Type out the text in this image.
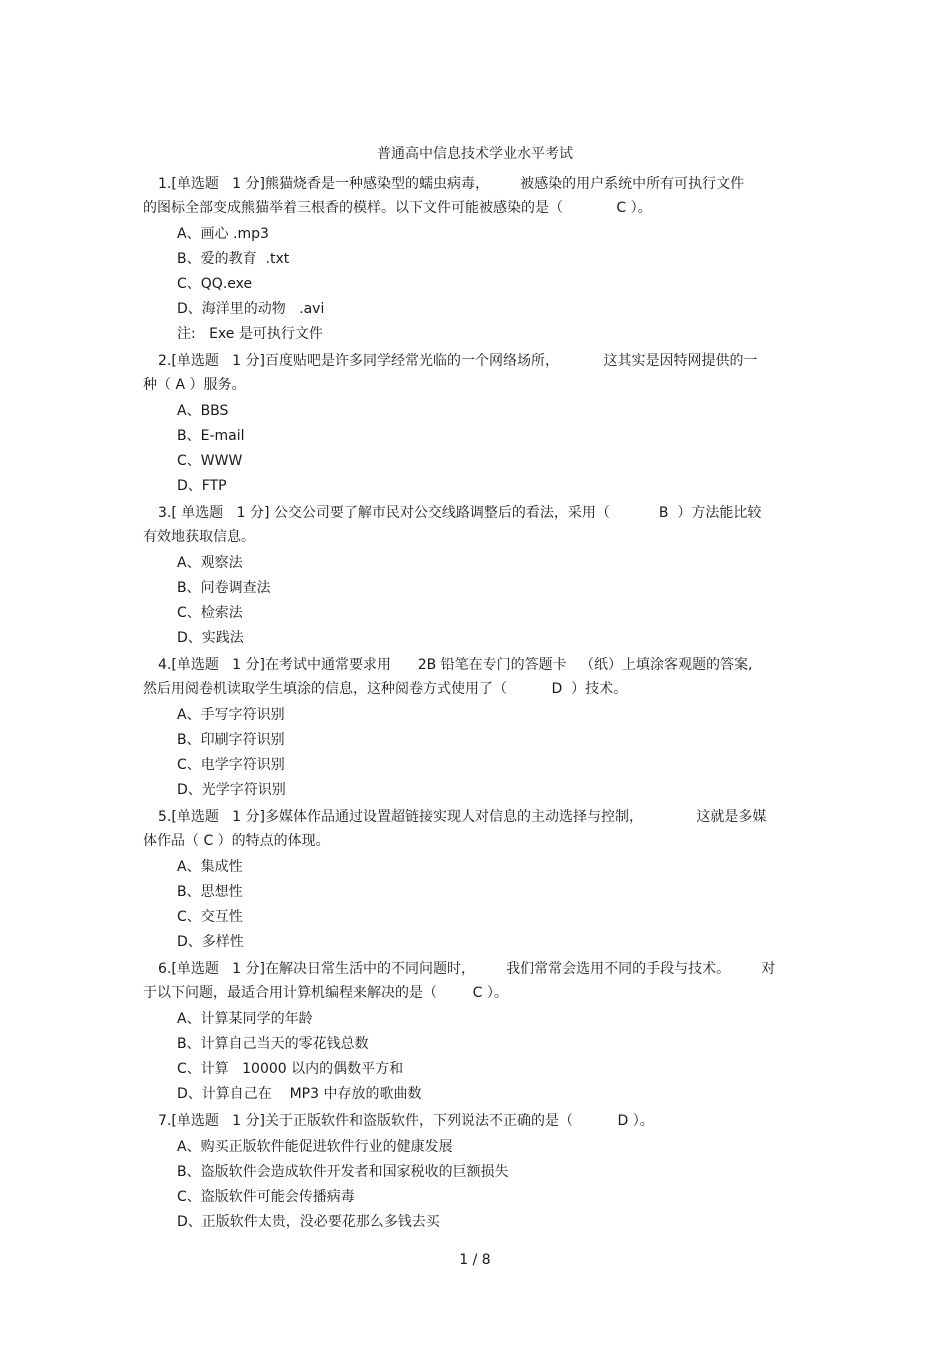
普通高中信息技术学业水平考试
1.[单选题   1 分]熊猫烧香是一种感染型的蠕虫病毒，       被感染的用户系统中所有可执行文件
的图标全部变成熊猫举着三根香的模样。以下文件可能被感染的是（            C ）。
A、画心 .mp3
B、爱的教育  .txt
C、QQ.exe
D、海洋里的动物   .avi
注:   Exe 是可执行文件
2.[单选题   1 分]百度贴吧是许多同学经常光临的一个网络场所，          这其实是因特网提供的一
种（ A ）服务。
A、BBS
B、E-mail
C、WWW
D、FTP
3.[ 单选题   1 分] 公交公司要了解市民对公交线路调整后的看法，采用（           B  ）方法能比较
有效地获取信息。
A、观察法
B、问卷调查法
C、检索法
D、实践法
4.[单选题   1 分]在考试中通常要求用      2B 铅笔在专门的答题卡   （纸）上填涂客观题的答案,
然后用阅卷机读取学生填涂的信息，这种阅卷方式使用了（          D  ）技术。
A、手写字符识别
B、印刷字符识别
C、电学字符识别
D、光学字符识别
5.[单选题   1 分]多媒体作品通过设置超链接实现人对信息的主动选择与控制，            这就是多媒
体作品（ C ）的特点的体现。
A、集成性
B、思想性
C、交互性
D、多样性
6.[单选题   1 分]在解决日常生活中的不同问题时，       我们常常会选用不同的手段与技术。       对
于以下问题，最适合用计算机编程来解决的是（        C ）。
A、计算某同学的年龄
B、计算自己当天的零花钱总数
C、计算   10000 以内的偶数平方和
D、计算自己在    MP3 中存放的歌曲数
7.[单选题   1 分]关于正版软件和盗版软件，下列说法不正确的是（          D ）。
A、购买正版软件能促进软件行业的健康发展
B、盗版软件会造成软件开发者和国家税收的巨额损失
C、盗版软件可能会传播病毒
D、正版软件太贵，没必要花那么多钱去买
1 / 8
